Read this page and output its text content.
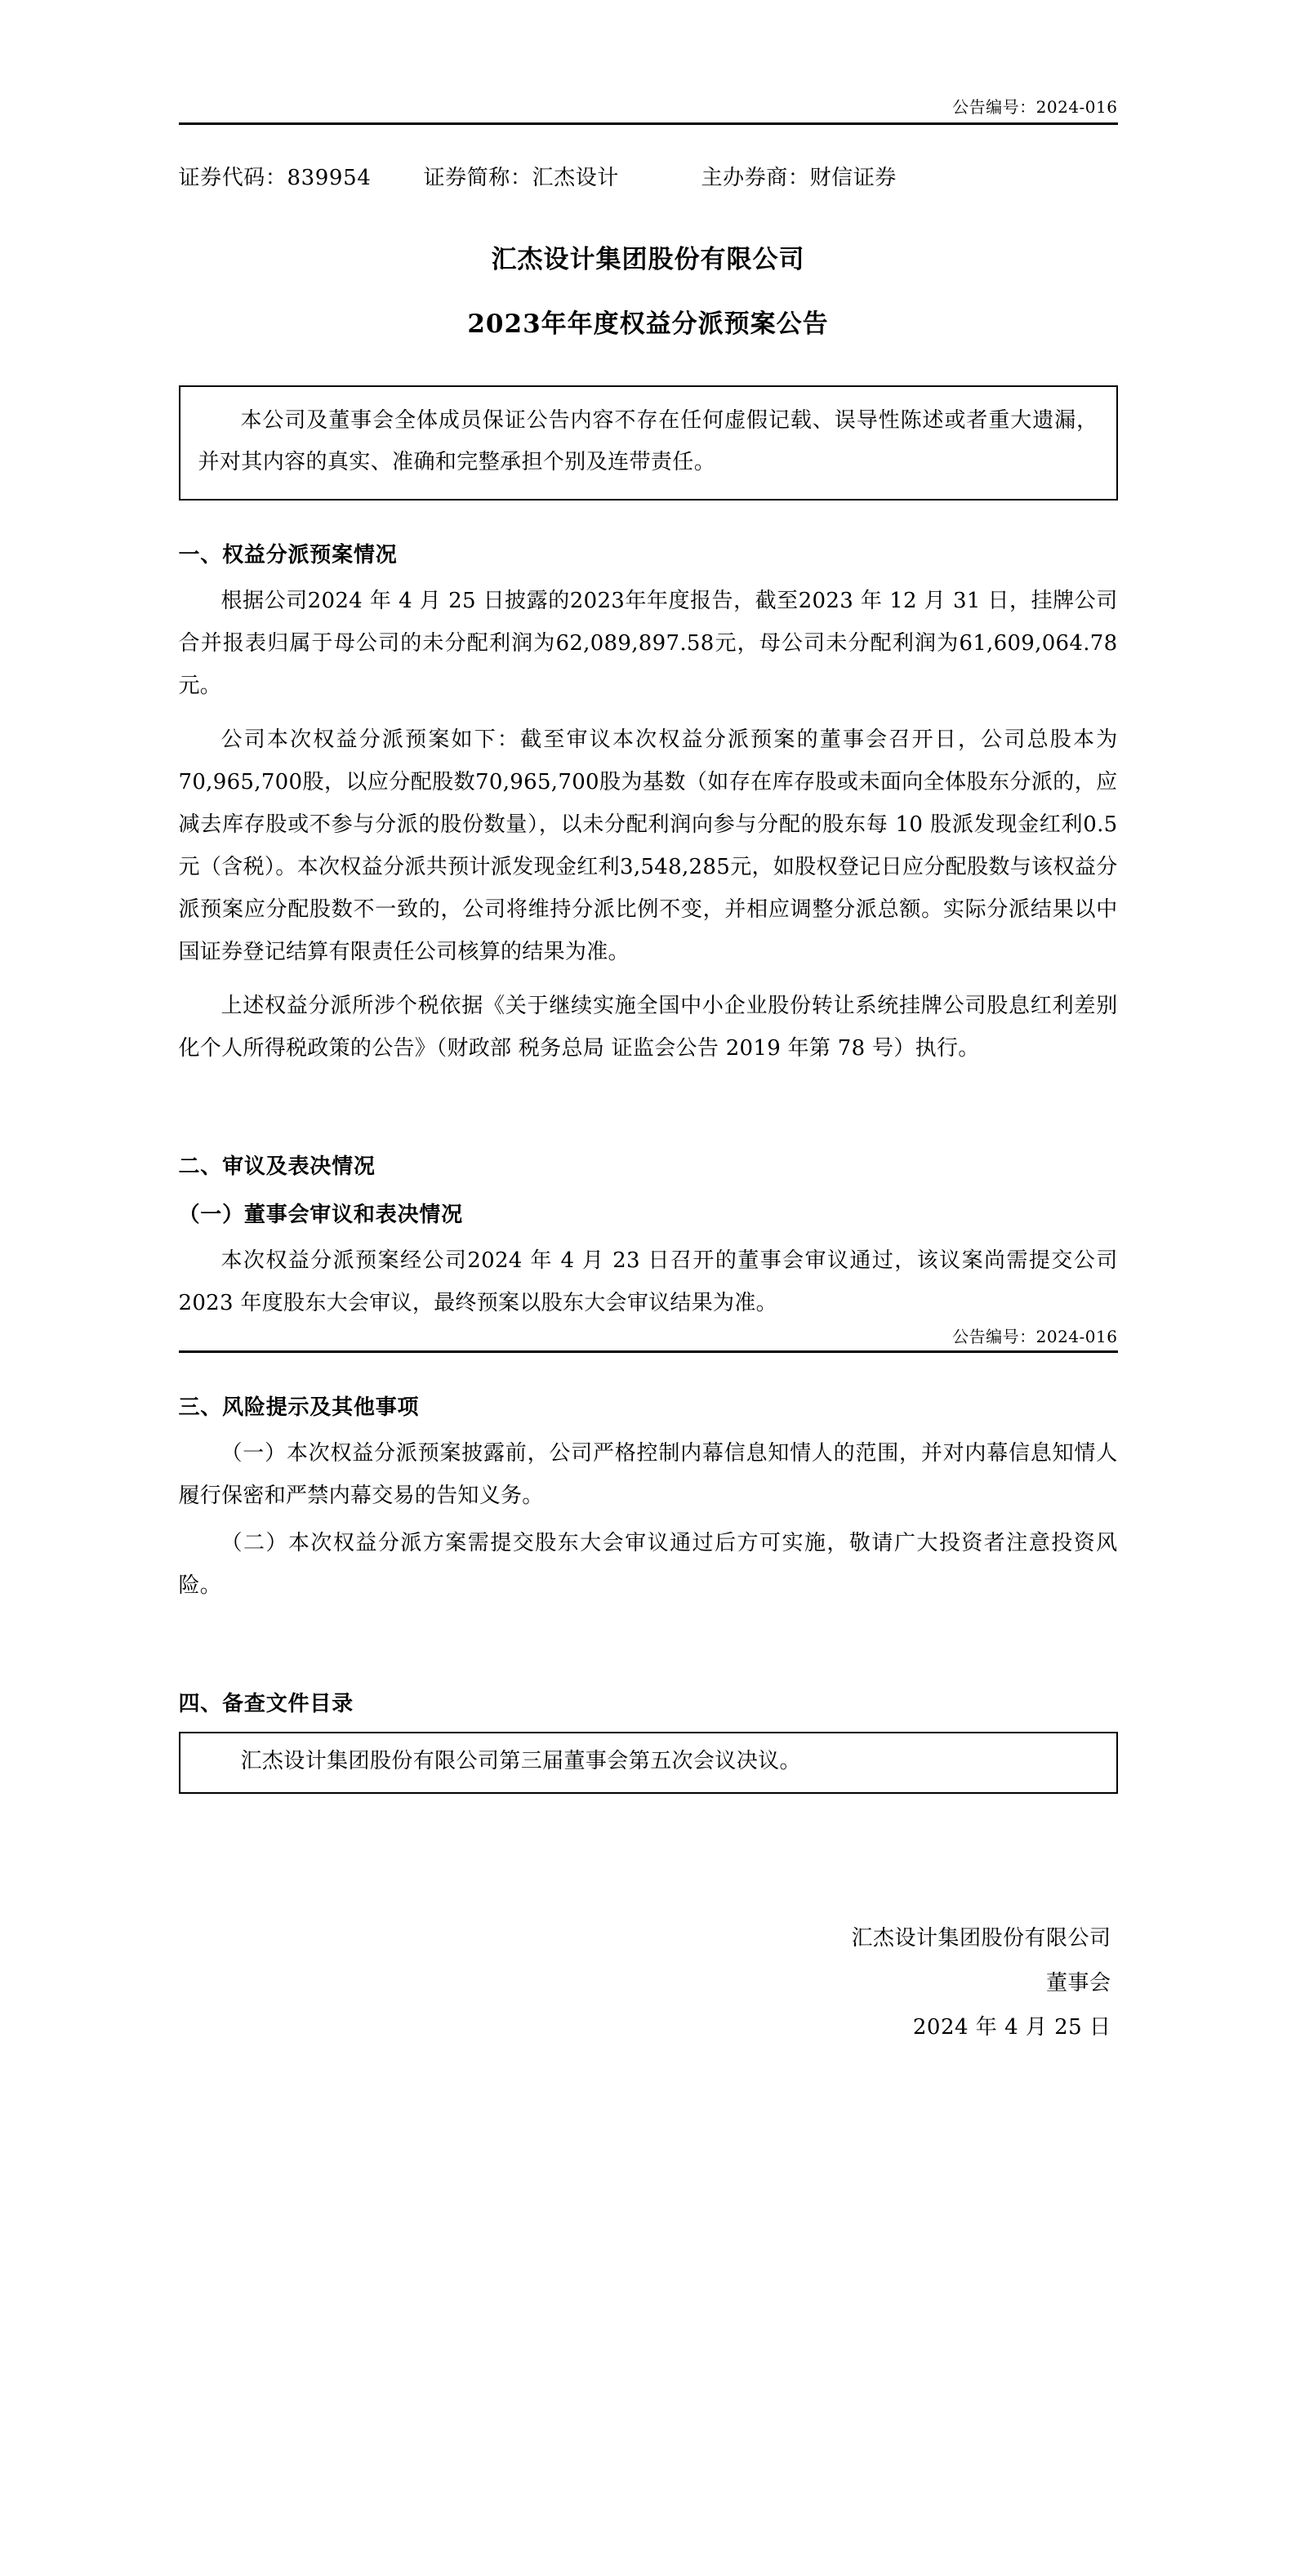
公告编号：2024-016
证券代码：839954	证券简称：汇杰设计	主办券商：财信证券
汇杰设计集团股份有限公司
2023年年度权益分派预案公告
本公司及董事会全体成员保证公告内容不存在任何虚假记载、误导性陈述或者重大遗漏，并对其内容的真实、准确和完整承担个别及连带责任。
一、权益分派预案情况

根据公司2024 年 4 月 25 日披露的2023年年度报告，截至2023 年 12 月 31 日，挂牌公司合并报表归属于母公司的未分配利润为62,089,897.58元，母公司未分配利润为61,609,064.78元。

公司本次权益分派预案如下：截至审议本次权益分派预案的董事会召开日，公司总股本为70,965,700股，以应分配股数70,965,700股为基数（如存在库存股或未面向全体股东分派的，应减去库存股或不参与分派的股份数量），以未分配利润向参与分配的股东每 10 股派发现金红利0.5元（含税）。本次权益分派共预计派发现金红利3,548,285元，如股权登记日应分配股数与该权益分派预案应分配股数不一致的，公司将维持分派比例不变，并相应调整分派总额。实际分派结果以中国证券登记结算有限责任公司核算的结果为准。

上述权益分派所涉个税依据《关于继续实施全国中小企业股份转让系统挂牌公司股息红利差别化个人所得税政策的公告》（财政部 税务总局 证监会公告 2019 年第 78 号）执行。

二、审议及表决情况
（一）董事会审议和表决情况

本次权益分派预案经公司2024 年 4 月 23 日召开的董事会审议通过，该议案尚需提交公司2023 年度股东大会审议，最终预案以股东大会审议结果为准。

公告编号：2024-016
三、风险提示及其他事项

（一）本次权益分派预案披露前，公司严格控制内幕信息知情人的范围，并对内幕信息知情人履行保密和严禁内幕交易的告知义务。

（二）本次权益分派方案需提交股东大会审议通过后方可实施，敬请广大投资者注意投资风险。

四、备查文件目录
汇杰设计集团股份有限公司第三届董事会第五次会议决议。
汇杰设计集团股份有限公司
董事会
2024 年 4 月 25 日
